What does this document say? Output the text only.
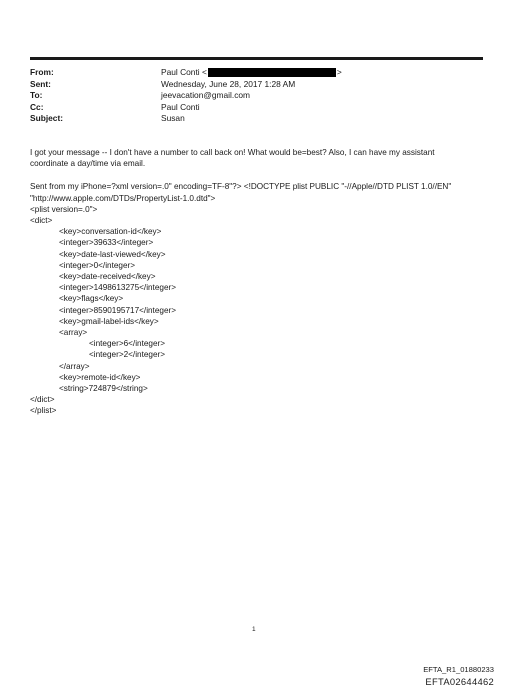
From:	Paul Conti <	>
Sent:	Wednesday, June 28, 2017 1:28 AM
To:	jeevacation@gmail.com
Cc:	Paul Conti
Subject:	Susan
I got your message -- I don't have a number to call back on! What would be=best? Also, I can have my assistant
coordinate a day/time via email.
Sent from my iPhone=?xml version=.0" encoding=TF-8"?> <!DOCTYPE plist PUBLIC "-//Apple//DTD PLIST 1.0//EN"
"http://www.apple.com/DTDs/PropertyList-1.0.dtd">
<plist version=.0">
<dict>
<key>conversation-id</key>
<integer>39633</integer>
<key>date-last-viewed</key>
<integer>0</integer>
<key>date-received</key>
<integer>1498613275</integer>
<key>flags</key>
<integer>8590195717</integer>
<key>gmail-label-ids</key>
<array>
<integer>6</integer>
<integer>2</integer>
</array>
<key>remote-id</key>
<string>724879</string>
</dict>
</plist>
1
EFTA_R1_01880233
EFTA02644462
